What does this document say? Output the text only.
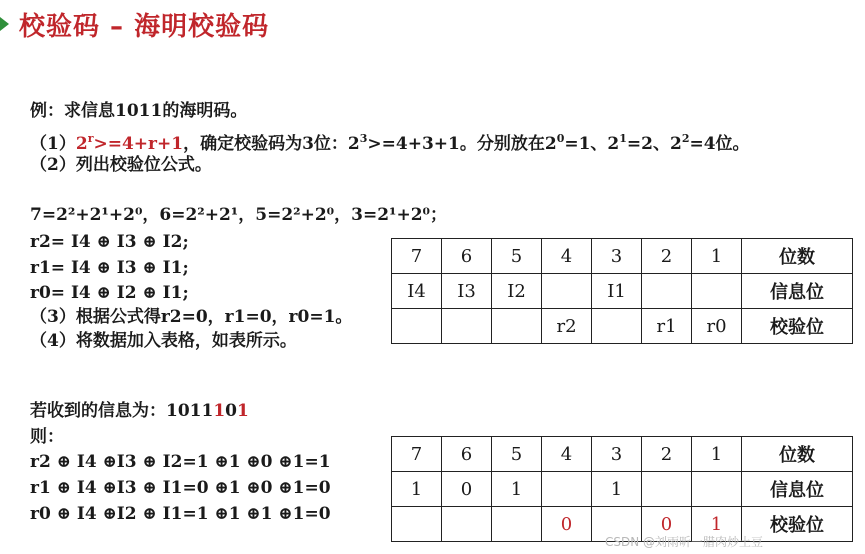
校验码 – 海明校验码
例：求信息1011的海明码。
$(1)2^r>=4+r+1$，确定校验码为3位：$2^3>=4+3+1$。分别放在$2^0=1$、$2^1=2$、$2^2=4$位。
（2）列出校验位公式。
7=2²+2¹+2⁰，6=2²+2¹，5=2²+2⁰，3=2¹+2⁰；
r2= I4 ⊕ I3 ⊕ I2;
r1= I4 ⊕ I3 ⊕ I1;
r0= I4 ⊕ I2 ⊕ I1;
（3）根据公式得r2=0，r1=0，r0=1。
（4）将数据加入表格，如表所示。
7	6	5	4	3	2	1	位数
I4	I3	I2		I1			信息位
			r2		r1	r0	校验位
若收到的信息为：1011101
则：
r2 ⊕ I4 ⊕I3 ⊕ I2=1 ⊕1 ⊕0 ⊕1=1
r1 ⊕ I4 ⊕I3 ⊕ I1=0 ⊕1 ⊕0 ⊕1=0
r0 ⊕ I4 ⊕I2 ⊕ I1=1 ⊕1 ⊕1 ⊕1=0
7	6	5	4	3	2	1	位数
1	0	1		1			信息位
			0		0	1	校验位
CSDN @刘雨昕一腊肉炒土豆
